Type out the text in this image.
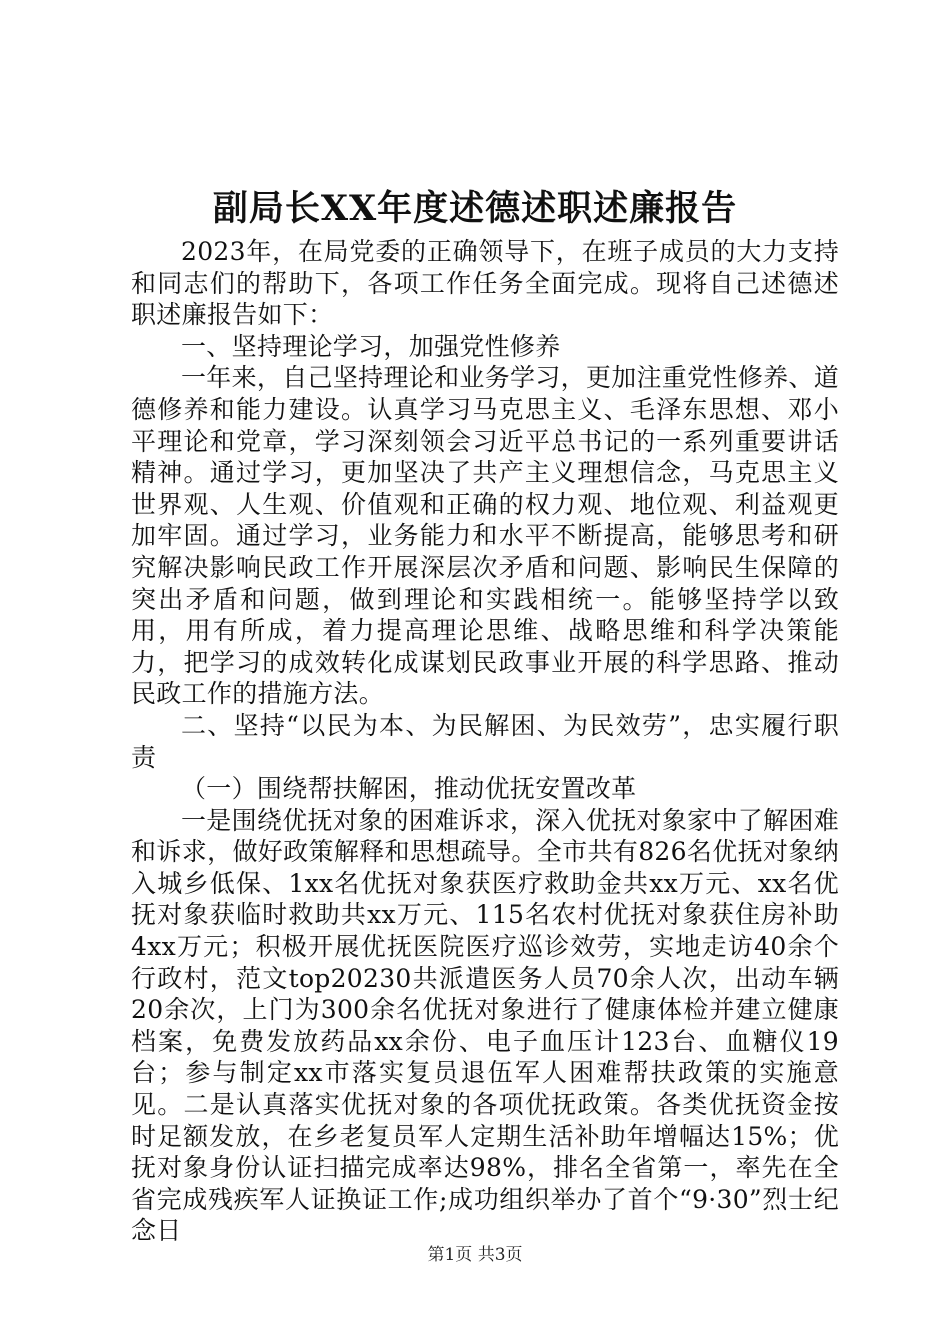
副局长XX年度述德述职述廉报告

2023年，在局党委的正确领导下，在班子成员的大力支持和同志们的帮助下，各项工作任务全面完成。现将自己述德述职述廉报告如下：

一、坚持理论学习，加强党性修养

一年来，自己坚持理论和业务学习，更加注重党性修养、道德修养和能力建设。认真学习马克思主义、毛泽东思想、邓小平理论和党章，学习深刻领会习近平总书记的一系列重要讲话精神。通过学习，更加坚决了共产主义理想信念，马克思主义世界观、人生观、价值观和正确的权力观、地位观、利益观更加牢固。通过学习，业务能力和水平不断提高，能够思考和研究解决影响民政工作开展深层次矛盾和问题、影响民生保障的突出矛盾和问题，做到理论和实践相统一。能够坚持学以致用，用有所成，着力提高理论思维、战略思维和科学决策能力，把学习的成效转化成谋划民政事业开展的科学思路、推动民政工作的措施方法。

二、坚持“以民为本、为民解困、为民效劳”，忠实履行职责

（一）围绕帮扶解困，推动优抚安置改革

一是围绕优抚对象的困难诉求，深入优抚对象家中了解困难和诉求，做好政策解释和思想疏导。全市共有826名优抚对象纳入城乡低保、1xx名优抚对象获医疗救助金共xx万元、xx名优抚对象获临时救助共xx万元、115名农村优抚对象获住房补助4xx万元；积极开展优抚医院医疗巡诊效劳，实地走访40余个行政村，范文top20230共派遣医务人员70余人次，出动车辆20余次，上门为300余名优抚对象进行了健康体检并建立健康档案，免费发放药品xx余份、电子血压计123台、血糖仪19台；参与制定xx市落实复员退伍军人困难帮扶政策的实施意见。二是认真落实优抚对象的各项优抚政策。各类优抚资金按时足额发放，在乡老复员军人定期生活补助年增幅达15%；优抚对象身份认证扫描完成率达98%，排名全省第一，率先在全省完成残疾军人证换证工作;成功组织举办了首个“9·30”烈士纪念日

第1页 共3页
